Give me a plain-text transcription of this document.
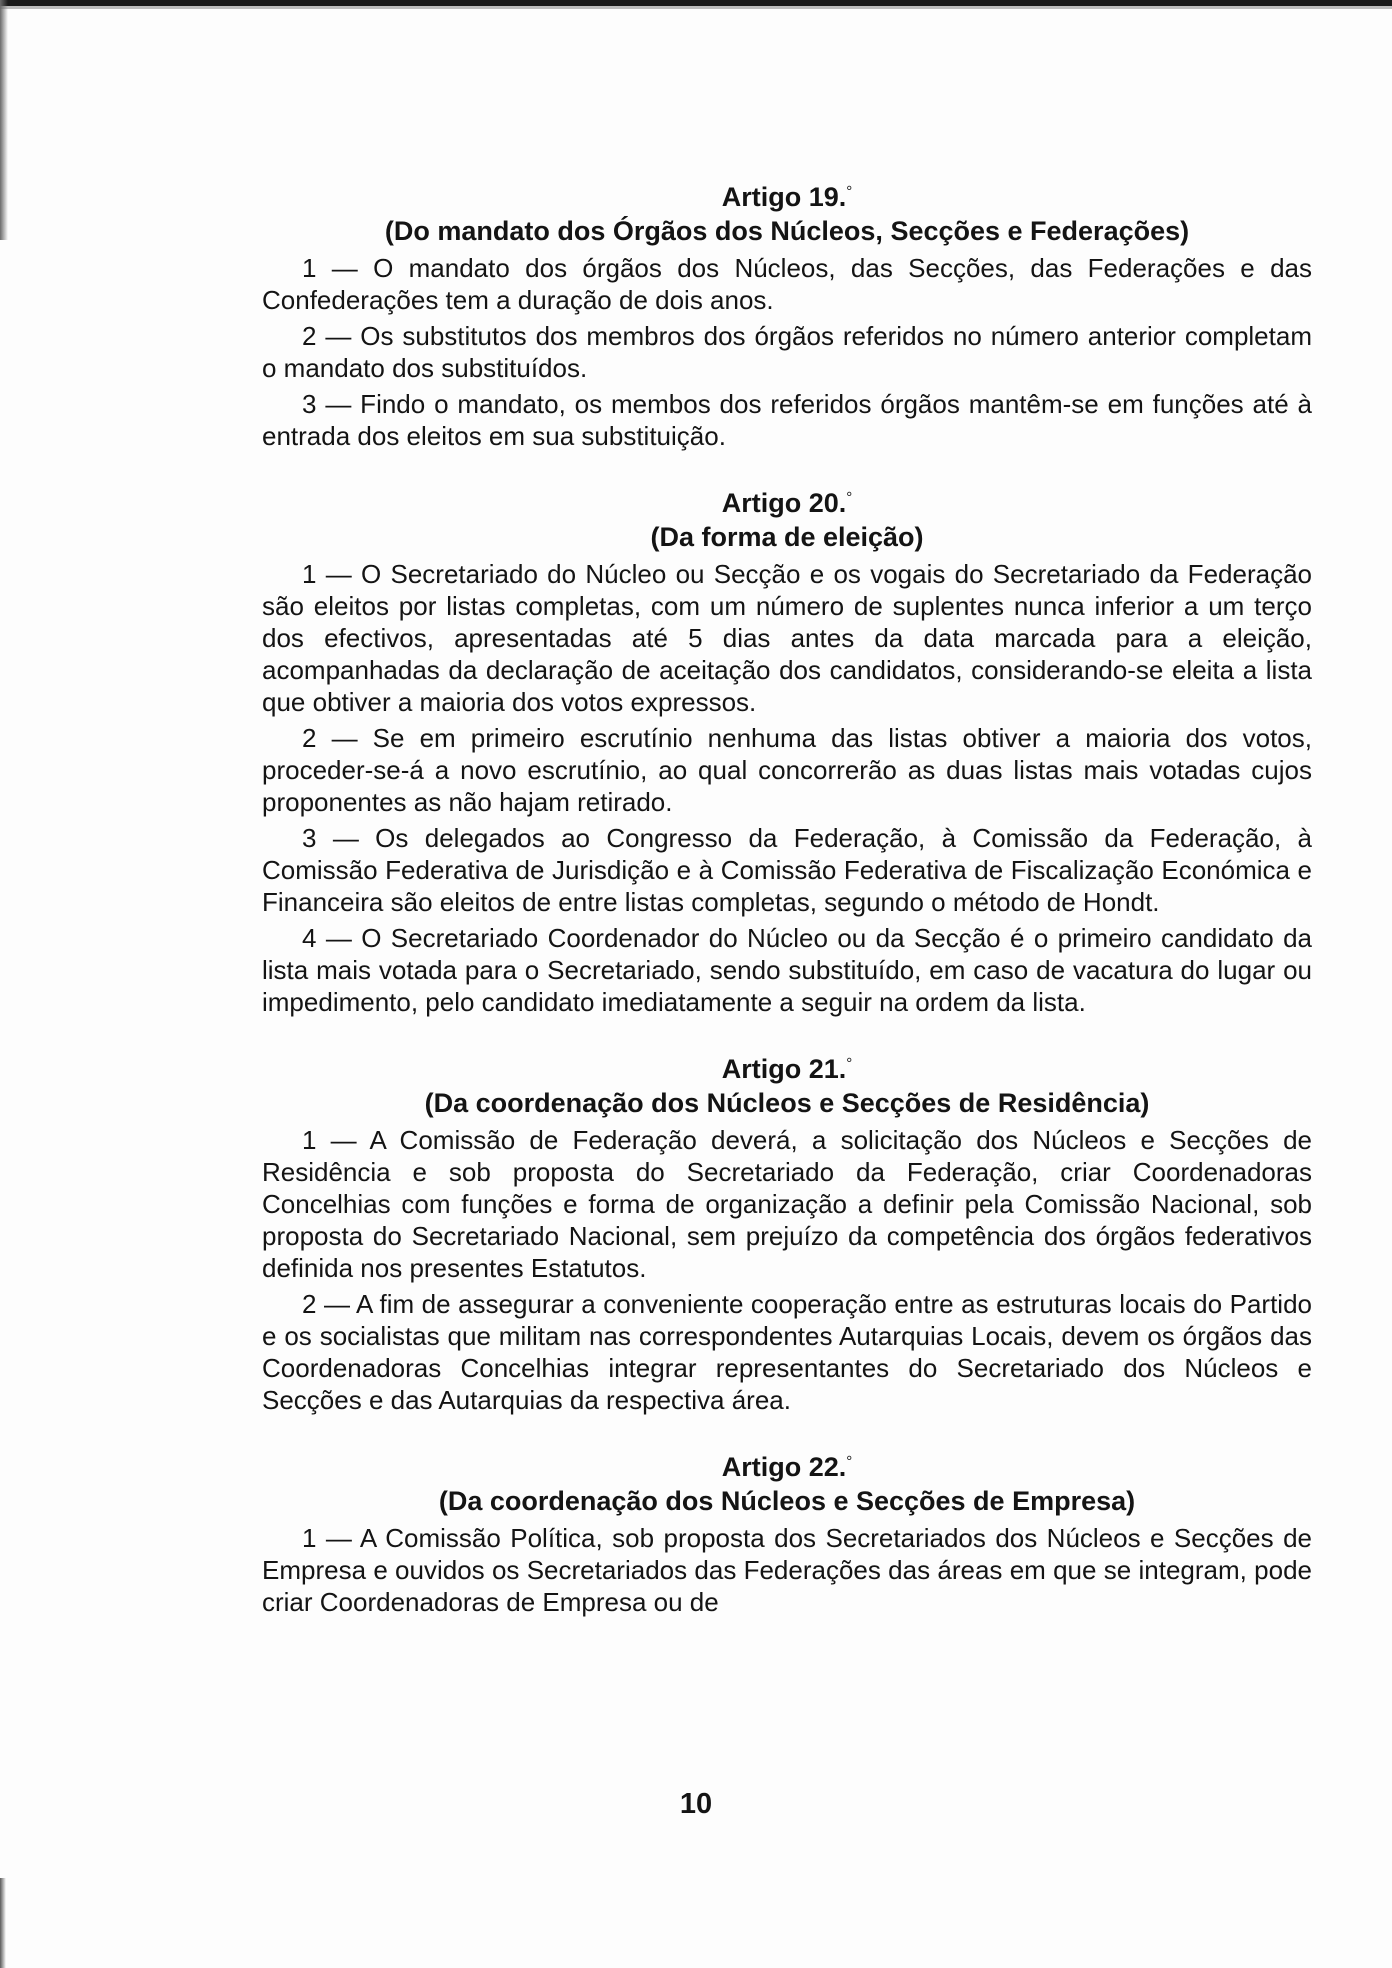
Artigo 19.°
(Do mandato dos Órgãos dos Núcleos, Secções e Federações)

1 — O mandato dos órgãos dos Núcleos, das Secções, das Federações e das Confederações tem a duração de dois anos.

2 — Os substitutos dos membros dos órgãos referidos no número anterior completam o mandato dos substituídos.

3 — Findo o mandato, os membos dos referidos órgãos mantêm-se em funções até à entrada dos eleitos em sua substituição.

Artigo 20.°
(Da forma de eleição)

1 — O Secretariado do Núcleo ou Secção e os vogais do Secretariado da Federação são eleitos por listas completas, com um número de suplentes nunca inferior a um terço dos efectivos, apresentadas até 5 dias antes da data marcada para a eleição, acompanhadas da declaração de aceitação dos candidatos, considerando-se eleita a lista que obtiver a maioria dos votos expressos.

2 — Se em primeiro escrutínio nenhuma das listas obtiver a maioria dos votos, proceder-se-á a novo escrutínio, ao qual concorrerão as duas listas mais votadas cujos proponentes as não hajam retirado.

3 — Os delegados ao Congresso da Federação, à Comissão da Federação, à Comissão Federativa de Jurisdição e à Comissão Federativa de Fiscalização Económica e Financeira são eleitos de entre listas completas, segundo o método de Hondt.

4 — O Secretariado Coordenador do Núcleo ou da Secção é o primeiro candidato da lista mais votada para o Secretariado, sendo substituído, em caso de vacatura do lugar ou impedimento, pelo candidato imediatamente a seguir na ordem da lista.

Artigo 21.°
(Da coordenação dos Núcleos e Secções de Residência)

1 — A Comissão de Federação deverá, a solicitação dos Núcleos e Secções de Residência e sob proposta do Secretariado da Federação, criar Coordenadoras Concelhias com funções e forma de organização a definir pela Comissão Nacional, sob proposta do Secretariado Nacional, sem prejuízo da competência dos órgãos federativos definida nos presentes Estatutos.

2 — A fim de assegurar a conveniente cooperação entre as estruturas locais do Partido e os socialistas que militam nas correspondentes Autarquias Locais, devem os órgãos das Coordenadoras Concelhias integrar representantes do Secretariado dos Núcleos e Secções e das Autarquias da respectiva área.

Artigo 22.°
(Da coordenação dos Núcleos e Secções de Empresa)

1 — A Comissão Política, sob proposta dos Secretariados dos Núcleos e Secções de Empresa e ouvidos os Secretariados das Federações das áreas em que se integram, pode criar Coordenadoras de Empresa ou de

10
